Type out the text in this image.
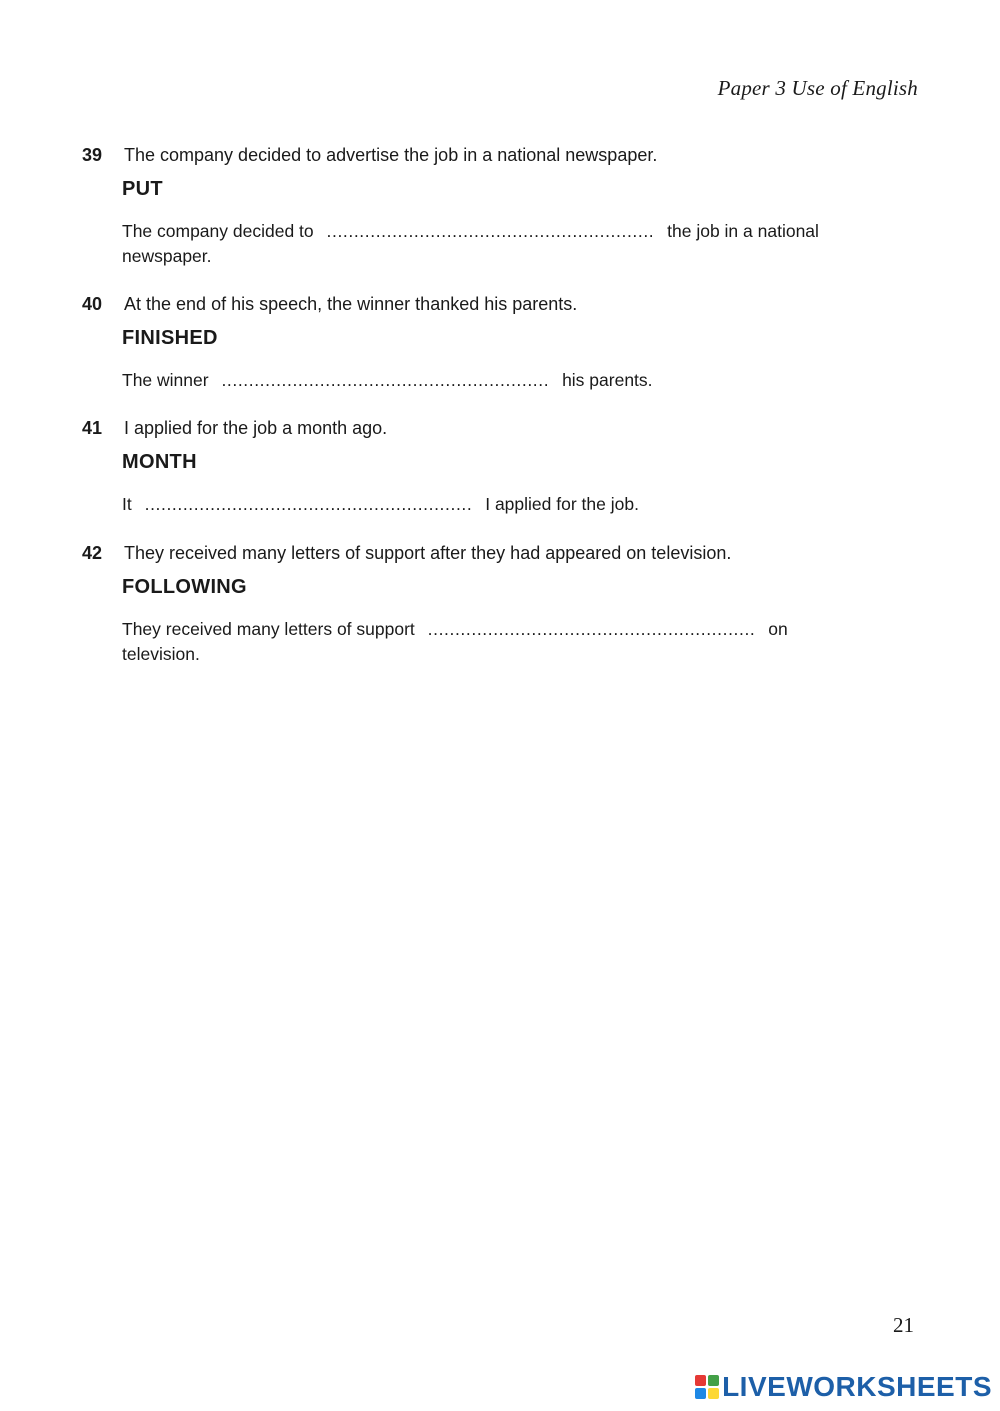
Paper 3 Use of English
39	The company decided to advertise the job in a national newspaper.
PUT
The company decided to ............................................................ the job in a national newspaper.
40	At the end of his speech, the winner thanked his parents.
FINISHED
The winner ............................................................ his parents.
41	I applied for the job a month ago.
MONTH
It ............................................................ I applied for the job.
42	They received many letters of support after they had appeared on television.
FOLLOWING
They received many letters of support ............................................................ on television.
21
LIVEWORKSHEETS
